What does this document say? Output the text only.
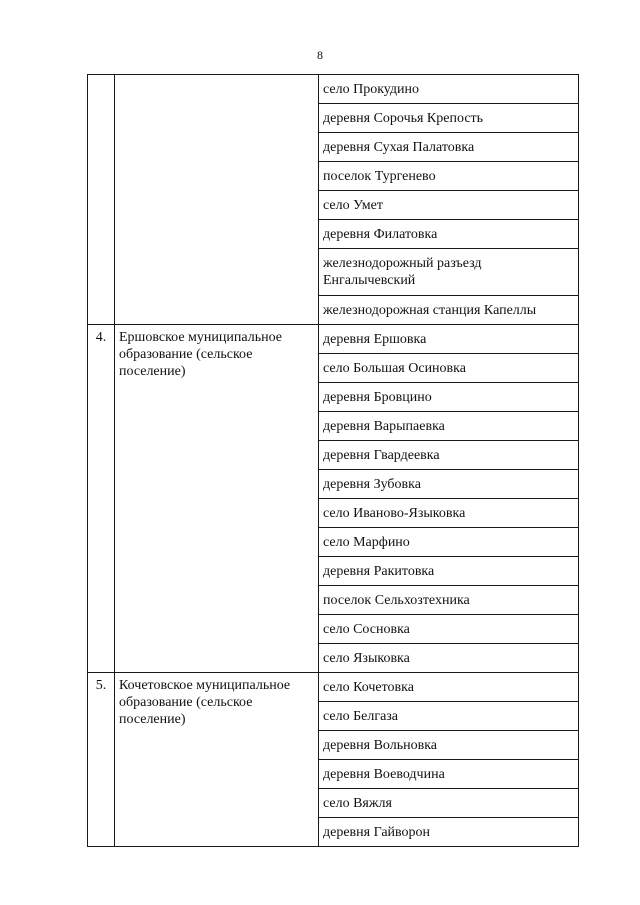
8
		село Прокудино
		деревня Сорочья Крепость
		деревня Сухая Палатовка
		поселок Тургенево
		село Умет
		деревня Филатовка
		железнодорожный разъезд Енгалычевский
		железнодорожная станция Капеллы
4.	Ершовское муниципальное образование (сельское поселение)	деревня Ершовка
		село Большая Осиновка
		деревня Бровцино
		деревня Варыпаевка
		деревня Гвардеевка
		деревня Зубовка
		село Иваново-Языковка
		село Марфино
		деревня Ракитовка
		поселок Сельхозтехника
		село Сосновка
		село Языковка
5.	Кочетовское муниципальное образование (сельское поселение)	село Кочетовка
		село Белгаза
		деревня Вольновка
		деревня Воеводчина
		село Вяжля
		деревня Гайворон
